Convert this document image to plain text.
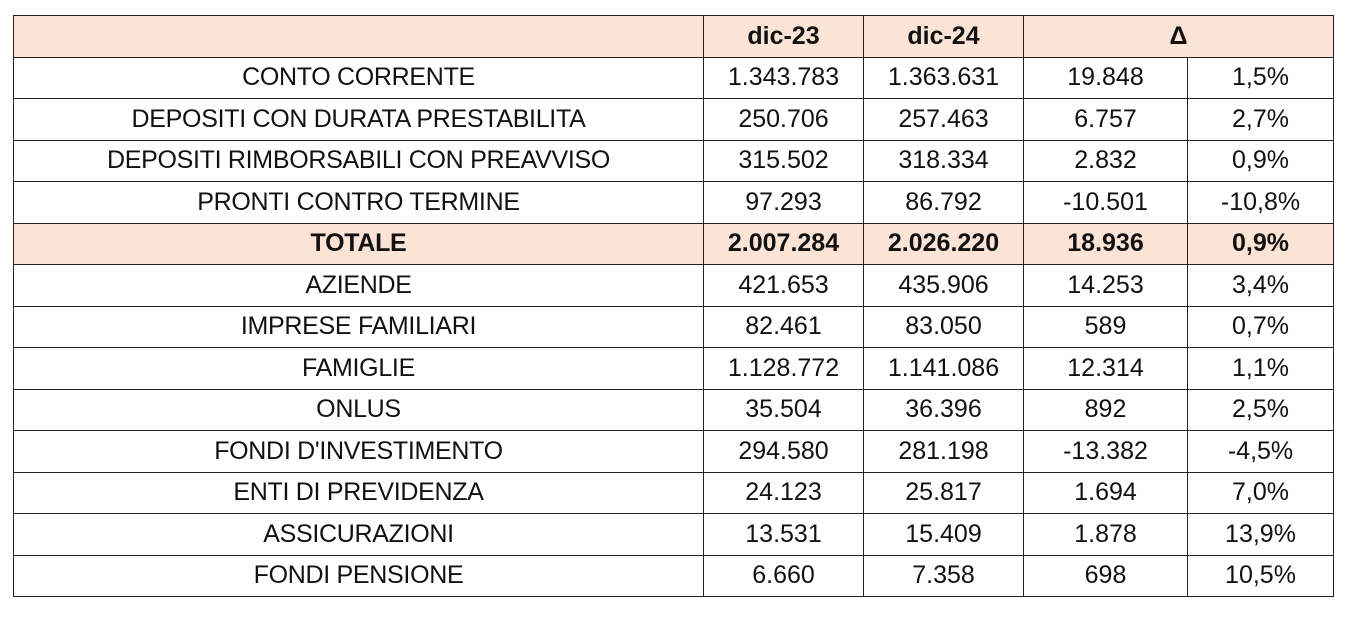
	dic-23	dic-24	Δ	
CONTO CORRENTE	1.343.783	1.363.631	19.848	1,5%
DEPOSITI CON DURATA PRESTABILITA	250.706	257.463	6.757	2,7%
DEPOSITI RIMBORSABILI CON PREAVVISO	315.502	318.334	2.832	0,9%
PRONTI CONTRO TERMINE	97.293	86.792	-10.501	-10,8%
TOTALE	2.007.284	2.026.220	18.936	0,9%
AZIENDE	421.653	435.906	14.253	3,4%
IMPRESE FAMILIARI	82.461	83.050	589	0,7%
FAMIGLIE	1.128.772	1.141.086	12.314	1,1%
ONLUS	35.504	36.396	892	2,5%
FONDI D'INVESTIMENTO	294.580	281.198	-13.382	-4,5%
ENTI DI PREVIDENZA	24.123	25.817	1.694	7,0%
ASSICURAZIONI	13.531	15.409	1.878	13,9%
FONDI PENSIONE	6.660	7.358	698	10,5%
